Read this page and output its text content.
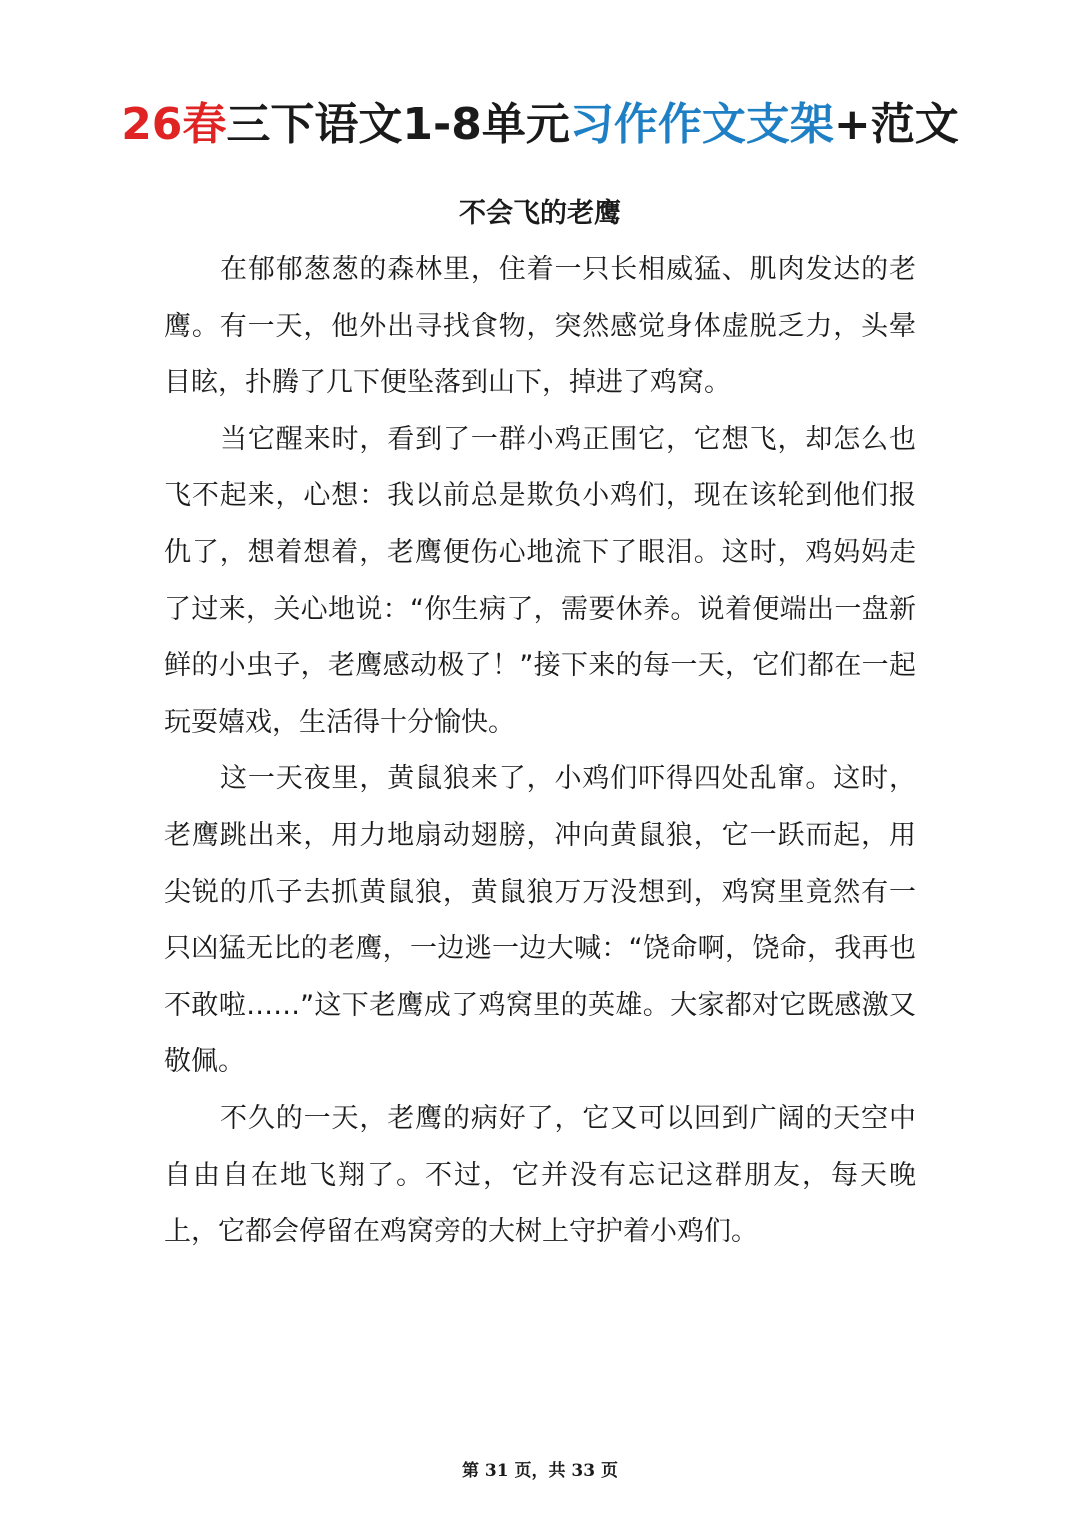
26春三下语文1-8单元习作作文支架+范文
不会飞的老鹰

在郁郁葱葱的森林里，住着一只长相威猛、肌肉发达的老鹰。有一天，他外出寻找食物，突然感觉身体虚脱乏力，头晕目眩，扑腾了几下便坠落到山下，掉进了鸡窝。

当它醒来时，看到了一群小鸡正围它，它想飞，却怎么也飞不起来，心想：我以前总是欺负小鸡们，现在该轮到他们报仇了，想着想着，老鹰便伤心地流下了眼泪。这时，鸡妈妈走了过来，关心地说：“你生病了，需要休养。说着便端出一盘新鲜的小虫子，老鹰感动极了！”接下来的每一天，它们都在一起玩耍嬉戏，生活得十分愉快。

这一天夜里，黄鼠狼来了，小鸡们吓得四处乱窜。这时，老鹰跳出来，用力地扇动翅膀，冲向黄鼠狼，它一跃而起，用尖锐的爪子去抓黄鼠狼，黄鼠狼万万没想到，鸡窝里竟然有一只凶猛无比的老鹰，一边逃一边大喊：“饶命啊，饶命，我再也不敢啦……”这下老鹰成了鸡窝里的英雄。大家都对它既感激又敬佩。

不久的一天，老鹰的病好了，它又可以回到广阔的天空中自由自在地飞翔了。不过，它并没有忘记这群朋友，每天晚上，它都会停留在鸡窝旁的大树上守护着小鸡们。

第 31 页，共 33 页
